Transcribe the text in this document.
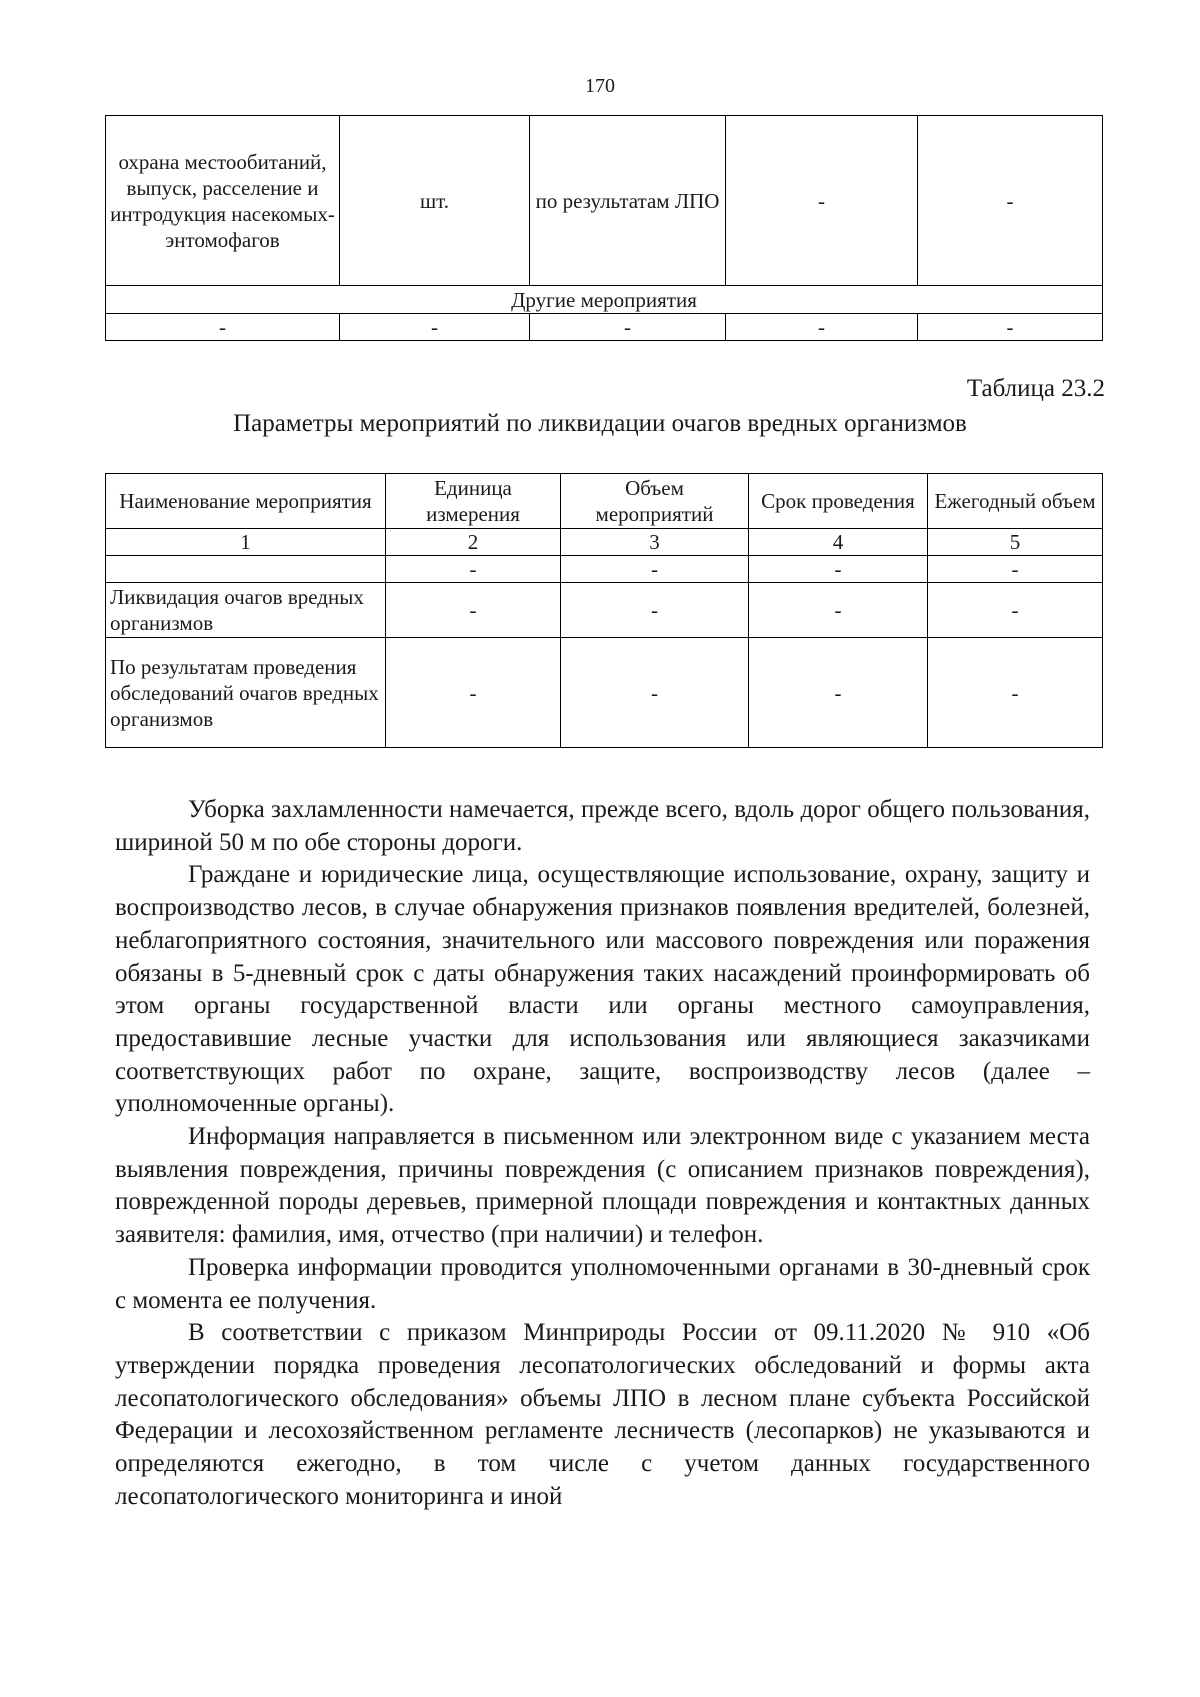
170
охрана местообитаний, выпуск, расселение и интродукция насекомых-энтомофагов	шт.	по результатам ЛПО	-	-
Другие мероприятия				
-	-	-	-	-
Таблица 23.2
Параметры мероприятий по ликвидации очагов вредных организмов
Наименование мероприятия	Единица измерения	Объем мероприятий	Срок проведения	Ежегодный объем
1	2	3	4	5
	-	-	-	-
Ликвидация очагов вредных организмов	-	-	-	-
По результатам проведения обследований очагов вредных организмов	-	-	-	-

Уборка захламленности намечается, прежде всего, вдоль дорог общего пользования, шириной 50 м по обе стороны дороги.

Граждане и юридические лица, осуществляющие использование, охрану, защиту и воспроизводство лесов, в случае обнаружения признаков появления вредителей, болезней, неблагоприятного состояния, значительного или массового повреждения или поражения обязаны в 5-дневный срок с даты обнаружения таких насаждений проинформировать об этом органы государственной власти или органы местного самоуправления, предоставившие лесные участки для использования или являющиеся заказчиками соответствующих работ по охране, защите, воспроизводству лесов (далее – уполномоченные органы).

Информация направляется в письменном или электронном виде с указанием места выявления повреждения, причины повреждения (с описанием признаков повреждения), поврежденной породы деревьев, примерной площади повреждения и контактных данных заявителя: фамилия, имя, отчество (при наличии) и телефон.

Проверка информации проводится уполномоченными органами в 30-дневный срок с момента ее получения.

В соответствии с приказом Минприроды России от 09.11.2020 № 910 «Об утверждении порядка проведения лесопатологических обследований и формы акта лесопатологического обследования» объемы ЛПО в лесном плане субъекта Российской Федерации и лесохозяйственном регламенте лесничеств (лесопарков) не указываются и определяются ежегодно, в том числе с учетом данных государственного лесопатологического мониторинга и иной
